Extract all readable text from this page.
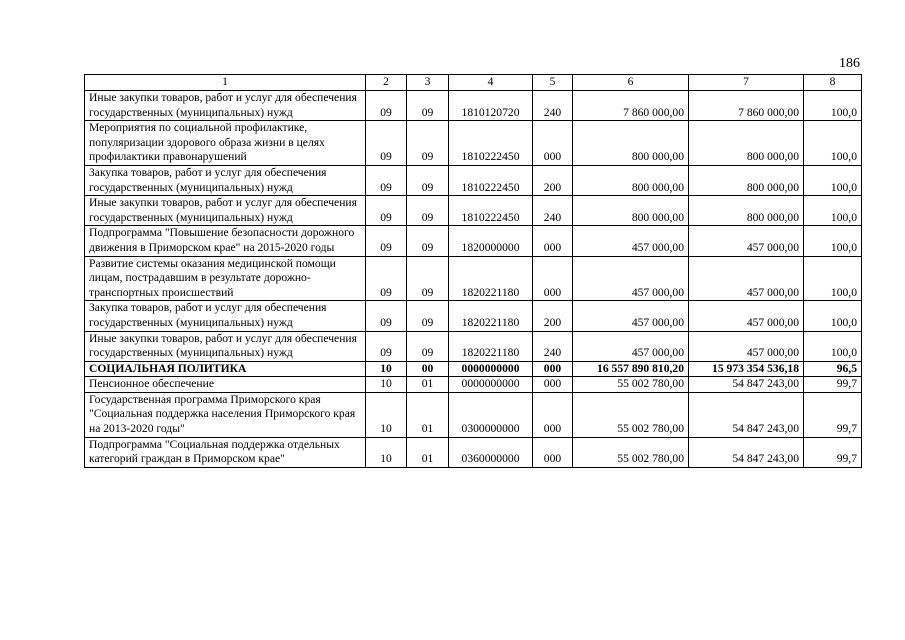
186
1	2	3	4	5	6	7	8
Иные закупки товаров, работ и услуг для обеспечения государственных (муниципальных) нужд	09	09	1810120720	240	7 860 000,00	7 860 000,00	100,0
Мероприятия по социальной профилактике, популяризации здорового образа жизни в целях профилактики правонарушений	09	09	1810222450	000	800 000,00	800 000,00	100,0
Закупка товаров, работ и услуг для обеспечения государственных (муниципальных) нужд	09	09	1810222450	200	800 000,00	800 000,00	100,0
Иные закупки товаров, работ и услуг для обеспечения государственных (муниципальных) нужд	09	09	1810222450	240	800 000,00	800 000,00	100,0
Подпрограмма "Повышение безопасности дорожного движения в Приморском крае" на 2015-2020 годы	09	09	1820000000	000	457 000,00	457 000,00	100,0
Развитие системы оказания медицинской помощи лицам, пострадавшим в результате дорожно-транспортных происшествий	09	09	1820221180	000	457 000,00	457 000,00	100,0
Закупка товаров, работ и услуг для обеспечения государственных (муниципальных) нужд	09	09	1820221180	200	457 000,00	457 000,00	100,0
Иные закупки товаров, работ и услуг для обеспечения государственных (муниципальных) нужд	09	09	1820221180	240	457 000,00	457 000,00	100,0
СОЦИАЛЬНАЯ ПОЛИТИКА	10	00	0000000000	000	16 557 890 810,20	15 973 354 536,18	96,5
Пенсионное обеспечение	10	01	0000000000	000	55 002 780,00	54 847 243,00	99,7
Государственная программа Приморского края "Социальная поддержка населения Приморского края на 2013-2020 годы"	10	01	0300000000	000	55 002 780,00	54 847 243,00	99,7
Подпрограмма "Социальная поддержка отдельных категорий граждан в Приморском крае"	10	01	0360000000	000	55 002 780,00	54 847 243,00	99,7
